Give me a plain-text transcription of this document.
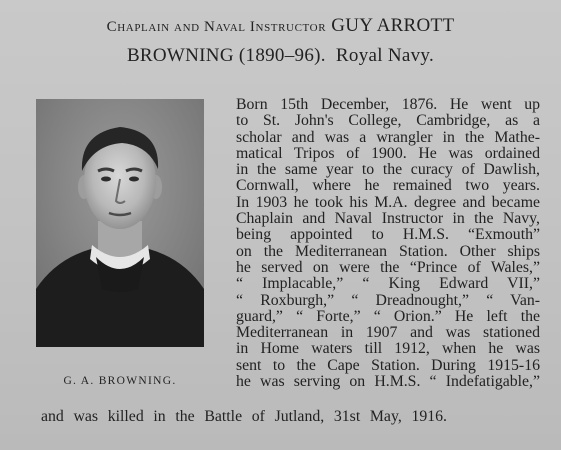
Chaplain and Naval Instructor GUY ARROTT
BROWNING (1890–96). Royal Navy.
G. A. BROWNING.
Born 15th December, 1876. He went up
to St. John's College, Cambridge, as a
scholar and was a wrangler in the Mathe-
matical Tripos of 1900. He was ordained
in the same year to the curacy of Dawlish,
Cornwall, where he remained two years.
In 1903 he took his M.A. degree and became
Chaplain and Naval Instructor in the Navy,
being appointed to H.M.S. “Exmouth”
on the Mediterranean Station. Other ships
he served on were the “Prince of Wales,”
“ Implacable,” “ King Edward VII,”
“ Roxburgh,” “ Dreadnought,” “ Van-
guard,” “ Forte,” “ Orion.” He left the
Mediterranean in 1907 and was stationed
in Home waters till 1912, when he was
sent to the Cape Station. During 1915-16
he was serving on H.M.S. “ Indefatigable,”
and was killed in the Battle of Jutland, 31st May, 1916.
